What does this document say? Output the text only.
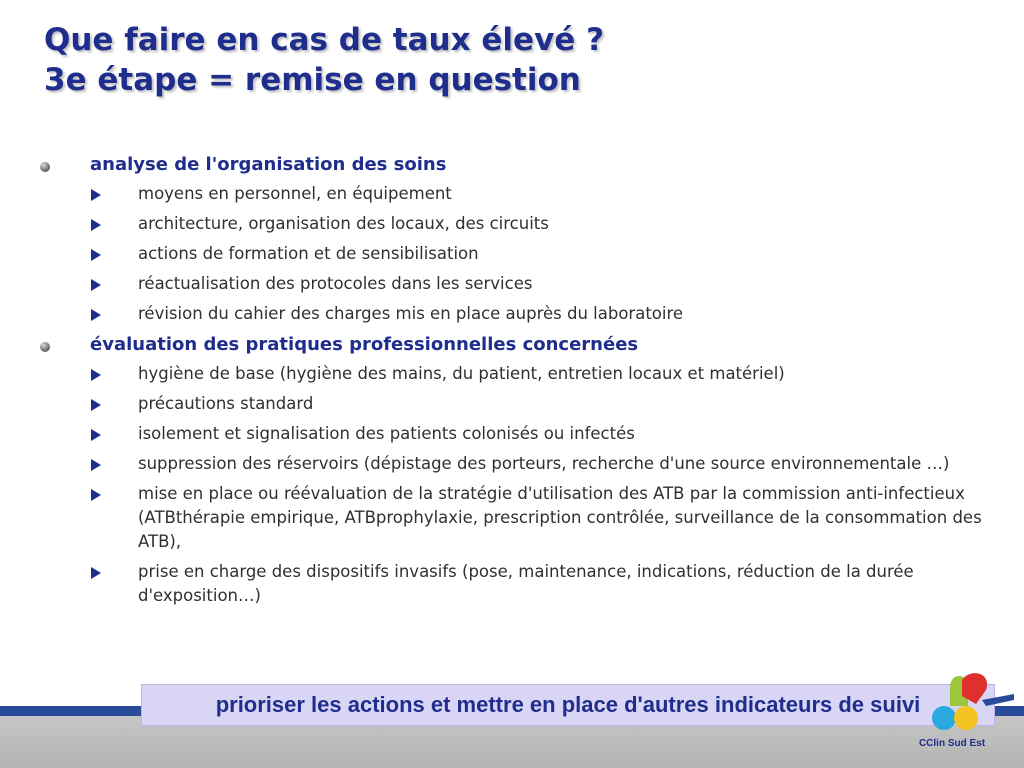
Que faire en cas de taux élevé ?
3e étape = remise en question
analyse de l'organisation des soins
moyens en personnel, en équipement
architecture, organisation des locaux, des circuits
actions de formation et de sensibilisation
réactualisation des protocoles dans les services
révision du cahier des charges mis en place auprès du laboratoire
évaluation des pratiques professionnelles concernées
hygiène de base (hygiène des mains, du patient, entretien locaux et matériel)
précautions standard
isolement et signalisation des patients colonisés ou infectés
suppression des réservoirs (dépistage des porteurs, recherche d'une source environnementale …)
mise en place ou réévaluation de la stratégie d'utilisation des ATB par la commission anti-infectieux (ATBthérapie empirique, ATBprophylaxie, prescription contrôlée, surveillance de la consommation des ATB),
prise en charge des dispositifs invasifs (pose, maintenance, indications, réduction de la durée d'exposition…)
prioriser les actions et mettre en place d'autres indicateurs de suivi
CClin Sud Est
